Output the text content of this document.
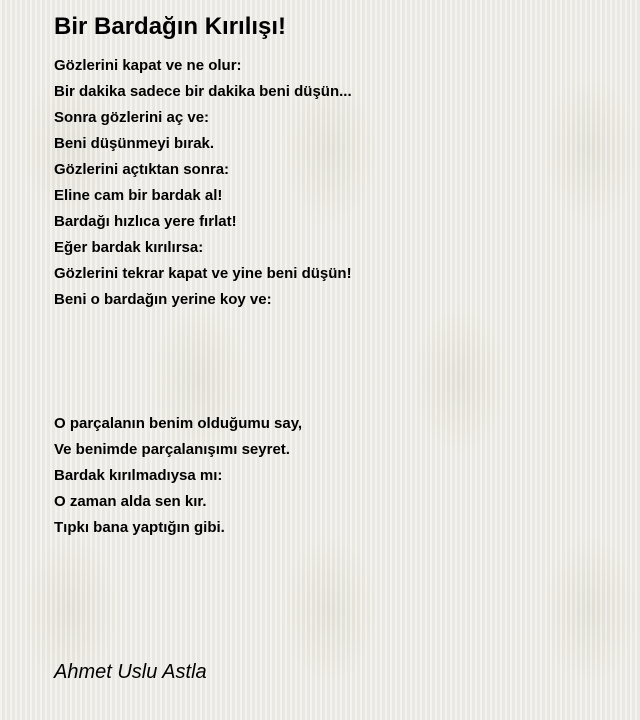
Bir Bardağın Kırılışı!
Gözlerini kapat ve ne olur:
Bir dakika sadece bir dakika beni düşün...
Sonra gözlerini aç ve:
Beni düşünmeyi bırak.
Gözlerini açtıktan sonra:
Eline cam bir bardak al!
Bardağı hızlıca yere fırlat!
Eğer bardak kırılırsa:
Gözlerini tekrar kapat ve yine beni düşün!
Beni o bardağın yerine koy ve:
O parçalanın benim olduğumu say,
Ve benimde parçalanışımı seyret.
Bardak kırılmadıysa mı:
O zaman alda sen kır.
Tıpkı bana yaptığın gibi.
Ahmet Uslu Astla
